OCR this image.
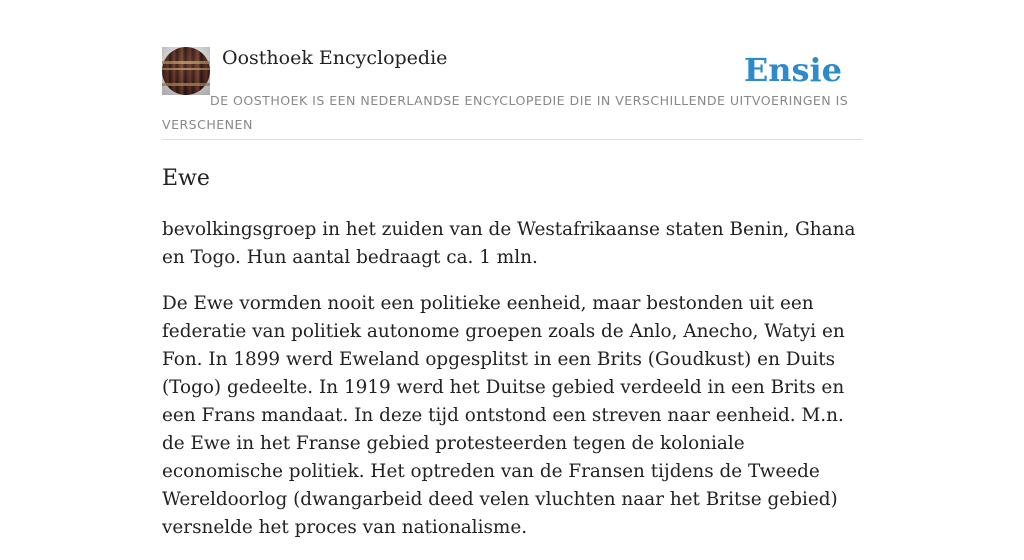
Oosthoek Encyclopedie	Ensie
DE OOSTHOEK IS EEN NEDERLANDSE ENCYCLOPEDIE DIE IN VERSCHILLENDE UITVOERINGEN IS VERSCHENEN
Ewe

bevolkingsgroep in het zuiden van de Westafrikaanse staten Benin, Ghana en Togo. Hun aantal bedraagt ca. 1 mln.

De Ewe vormden nooit een politieke eenheid, maar bestonden uit een federatie van politiek autonome groepen zoals de Anlo, Anecho, Watyi en Fon. In 1899 werd Eweland opgesplitst in een Brits (Goudkust) en Duits (Togo) gedeelte. In 1919 werd het Duitse gebied verdeeld in een Brits en een Frans mandaat. In deze tijd ontstond een streven naar eenheid. M.n. de Ewe in het Franse gebied protesteerden tegen de koloniale economische politiek. Het optreden van de Fransen tijdens de Tweede Wereldoorlog (dwangarbeid deed velen vluchten naar het Britse gebied) versnelde het proces van nationalisme.
